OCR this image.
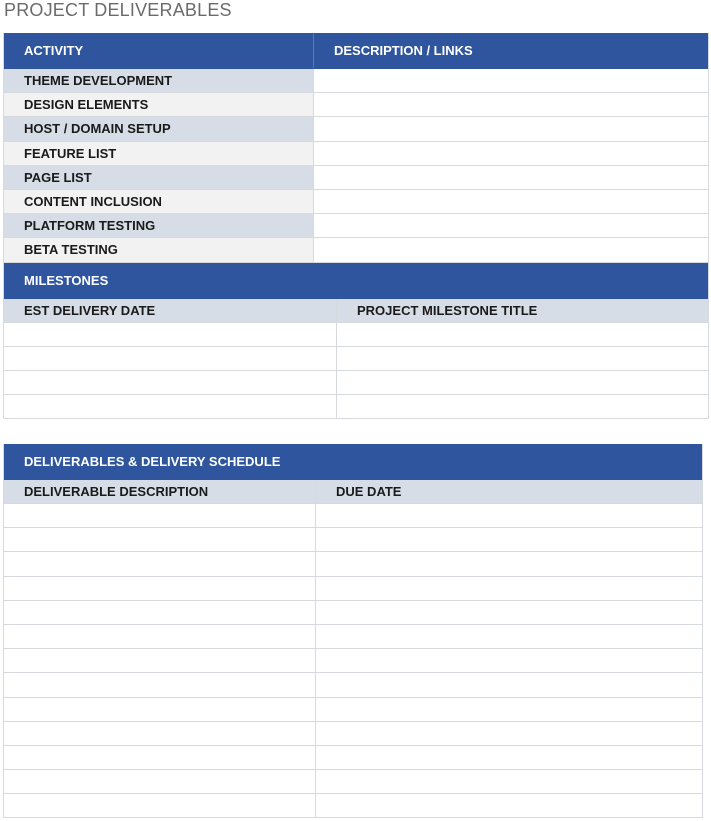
PROJECT DELIVERABLES
ACTIVITY	DESCRIPTION / LINKS
THEME DEVELOPMENT
DESIGN ELEMENTS
HOST / DOMAIN SETUP
FEATURE LIST
PAGE LIST
CONTENT INCLUSION
PLATFORM TESTING
BETA TESTING
MILESTONES
EST DELIVERY DATE	PROJECT MILESTONE TITLE
DELIVERABLES & DELIVERY SCHEDULE
DELIVERABLE DESCRIPTION	DUE DATE
